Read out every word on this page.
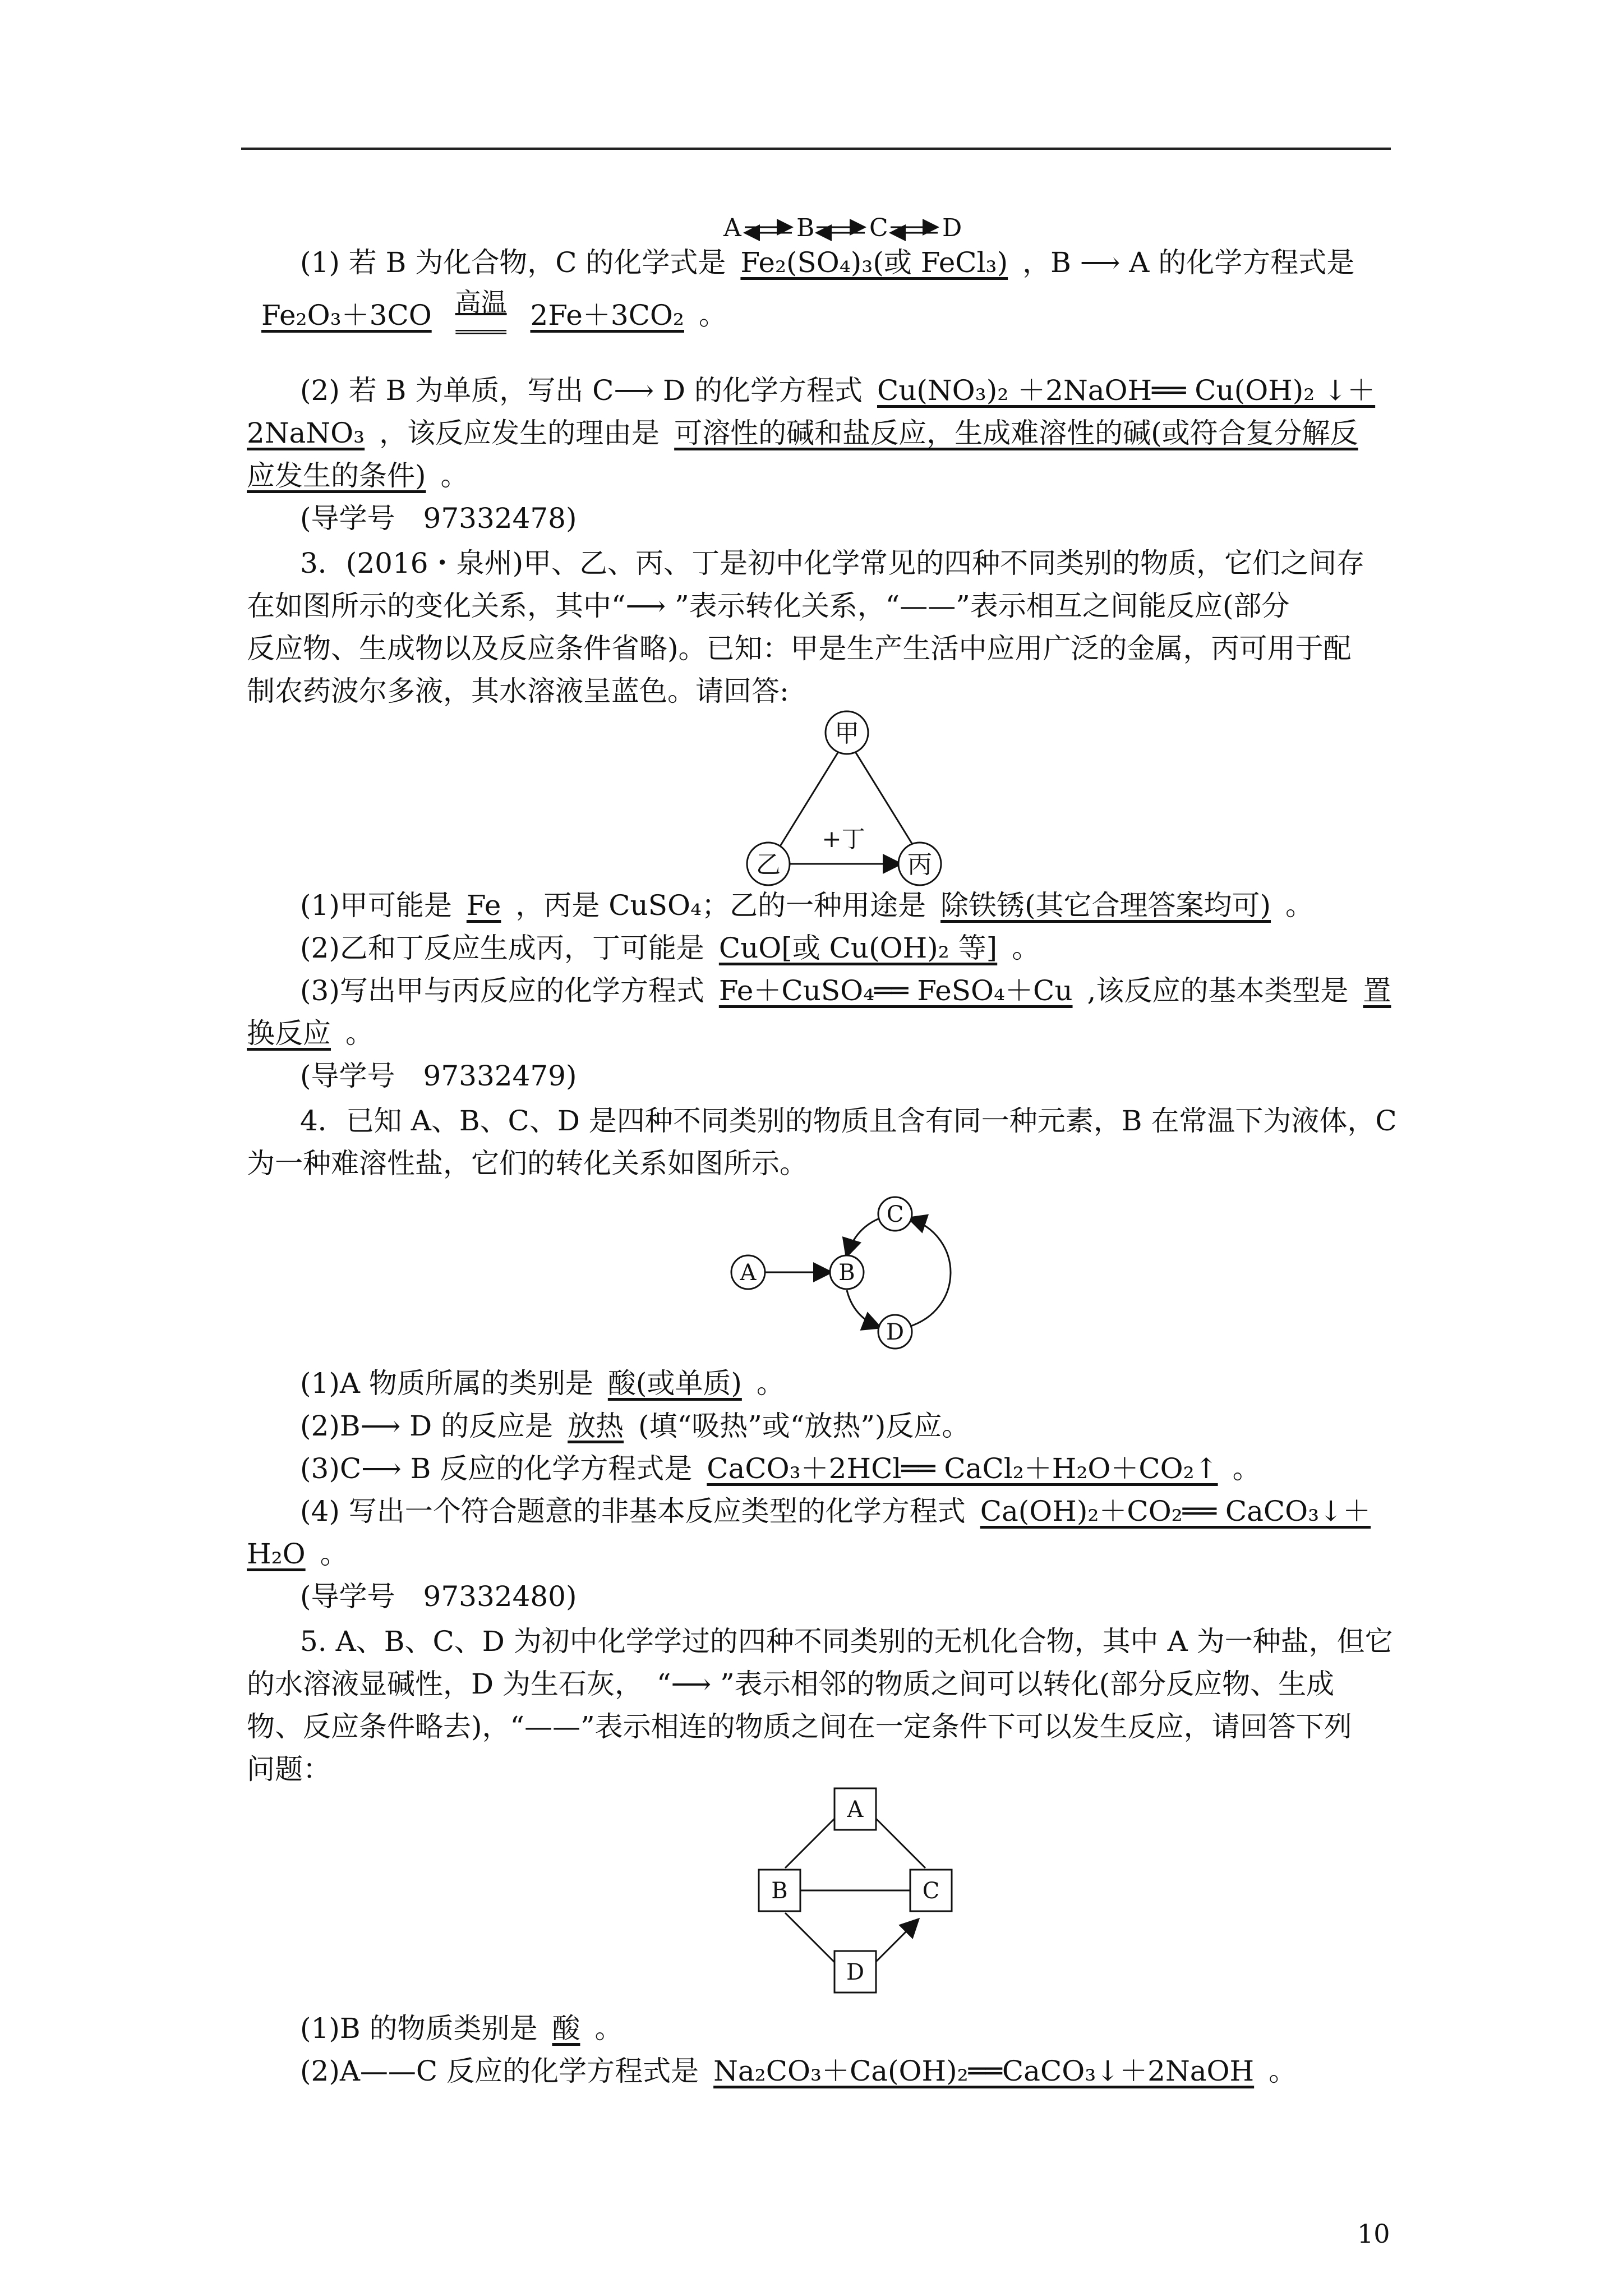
A B C D
(1) 若 B 为化合物，C 的化学式是 Fe₂(SO₄)₃(或 FeCl₃) ，B ⟶ A 的化学方程式是
Fe₂O₃＋3CO 高温
═════ 2Fe＋3CO₂ 。
(2) 若 B 为单质，写出 C⟶ D 的化学方程式 Cu(NO₃)₂ ＋2NaOH══ Cu(OH)₂ ↓＋
2NaNO₃ ，该反应发生的理由是 可溶性的碱和盐反应，生成难溶性的碱(或符合复分解反
应发生的条件) 。
(导学号　97332478)
3．(2016・泉州)甲、乙、丙、丁是初中化学常见的四种不同类别的物质，它们之间存
在如图所示的变化关系，其中“⟶ ”表示转化关系，“——”表示相互之间能反应(部分
反应物、生成物以及反应条件省略)。已知：甲是生产生活中应用广泛的金属，丙可用于配
制农药波尔多液，其水溶液呈蓝色。请回答:
甲
乙	丙
+丁
(1)甲可能是 Fe ，丙是 CuSO₄；乙的一种用途是 除铁锈(其它合理答案均可) 。
(2)乙和丁反应生成丙，丁可能是 CuO[或 Cu(OH)₂ 等] 。
(3)写出甲与丙反应的化学方程式 Fe＋CuSO₄══ FeSO₄＋Cu ,该反应的基本类型是 置
换反应 。
(导学号　97332479)
4．已知 A、B、C、D 是四种不同类别的物质且含有同一种元素，B 在常温下为液体，C
为一种难溶性盐，它们的转化关系如图所示。
A	B
C
D
(1)A 物质所属的类别是 酸(或单质) 。
(2)B⟶ D 的反应是 放热 (填“吸热”或“放热”)反应。
(3)C⟶ B 反应的化学方程式是 CaCO₃＋2HCl══ CaCl₂＋H₂O＋CO₂↑ 。
(4) 写出一个符合题意的非基本反应类型的化学方程式 Ca(OH)₂＋CO₂══ CaCO₃↓＋
H₂O 。
(导学号　97332480)
5. A、B、C、D 为初中化学学过的四种不同类别的无机化合物，其中 A 为一种盐，但它
的水溶液显碱性，D 为生石灰，　“⟶ ”表示相邻的物质之间可以转化(部分反应物、生成
物、反应条件略去)，“——”表示相连的物质之间在一定条件下可以发生反应，请回答下列
问题：
A
B	C
D
(1)B 的物质类别是 酸 。
(2)A——C 反应的化学方程式是 Na₂CO₃＋Ca(OH)₂══CaCO₃↓＋2NaOH 。
10
